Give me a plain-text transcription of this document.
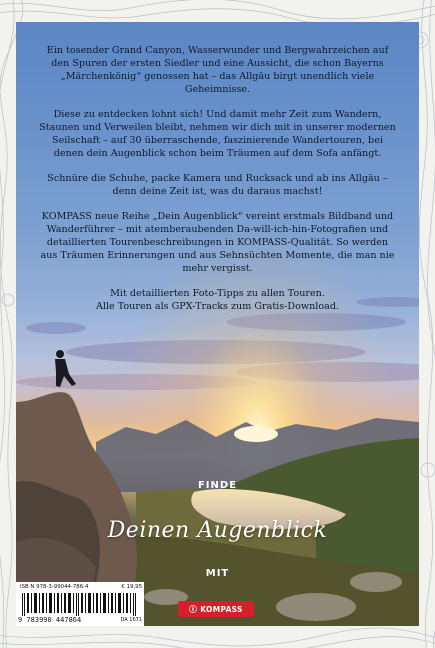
Ein tosender Grand Canyon, Wasserwunder und Bergwahrzeichen auf den Spuren der ersten Siedler und eine Aussicht, die schon Bayerns „Märchenkönig“ genossen hat – das Allgäu birgt unendlich viele Geheimnisse.

Diese zu entdecken lohnt sich! Und damit mehr Zeit zum Wandern, Staunen und Verweilen bleibt, nehmen wir dich mit in unserer modernen Seilschaft – auf 30 überraschende, faszinierende Wandertouren, bei denen dein Augenblick schon beim Träumen auf dem Sofa anfängt.

Schnüre die Schuhe, packe Kamera und Rucksack und ab ins Allgäu – denn deine Zeit ist, was du daraus machst!

KOMPASS neue Reihe „Dein Augenblick“ vereint erstmals Bildband und Wanderführer – mit atemberaubenden Da-will-ich-hin-Fotografien und detaillierten Tourenbeschreibungen in KOMPASS-Qualität. So werden aus Träumen Erinnerungen und aus Sehnsüchten Momente, die man nie mehr vergisst.

Mit detaillierten Foto-Tipps zu allen Touren.

Alle Touren als GPX-Tracks zum Gratis-Download.

FINDE
Deinen Augenblick
MIT
ISB N 978-3-99044-786-4	€ 19,95
9 783990 447864	DA 1671
KOMPASS
